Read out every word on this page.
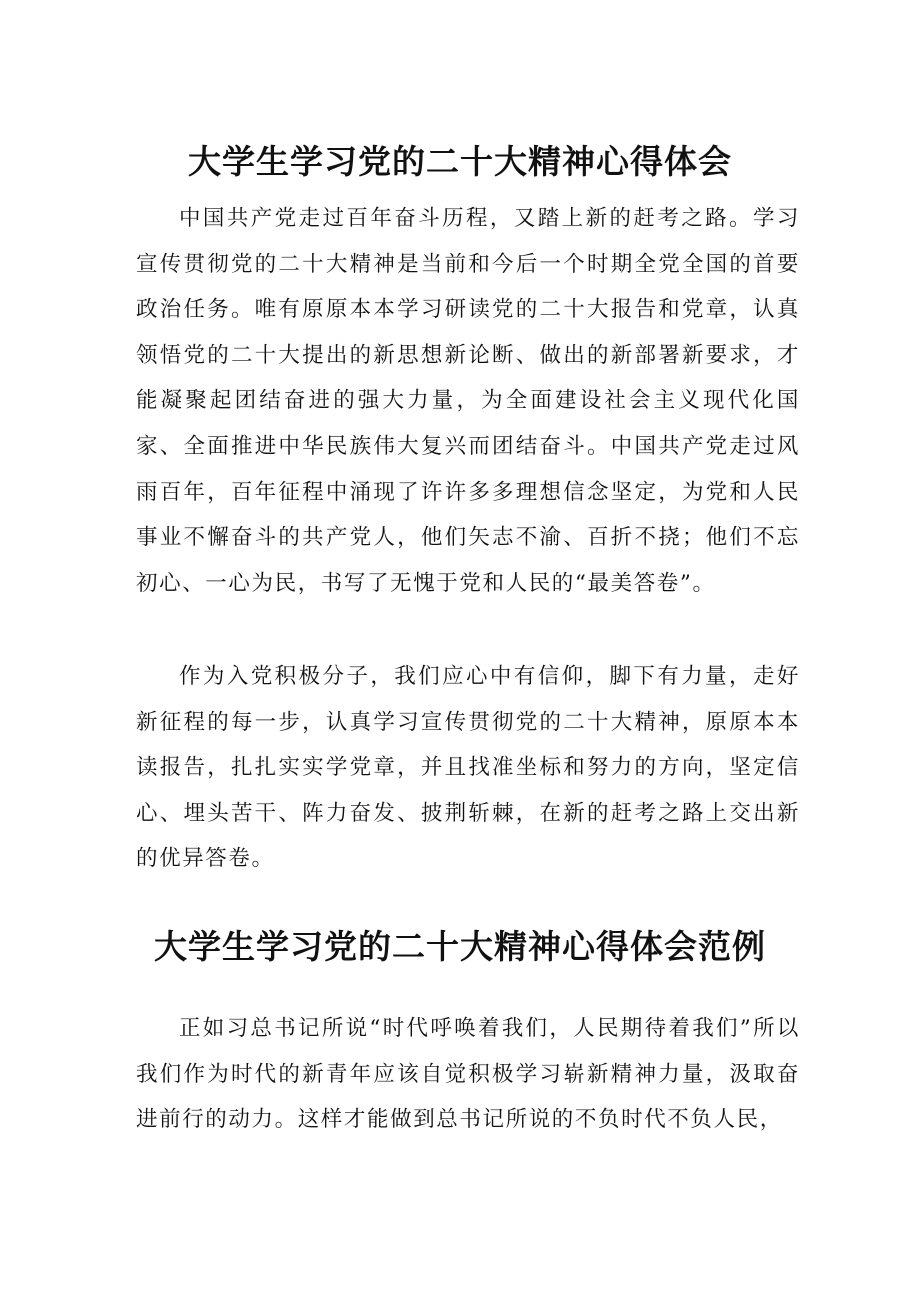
大学生学习党的二十大精神心得体会

中国共产党走过百年奋斗历程，又踏上新的赶考之路。学习宣传贯彻党的二十大精神是当前和今后一个时期全党全国的首要政治任务。唯有原原本本学习研读党的二十大报告和党章，认真领悟党的二十大提出的新思想新论断、做出的新部署新要求，才能凝聚起团结奋进的强大力量，为全面建设社会主义现代化国家、全面推进中华民族伟大复兴而团结奋斗。中国共产党走过风雨百年，百年征程中涌现了许许多多理想信念坚定，为党和人民事业不懈奋斗的共产党人，他们矢志不渝、百折不挠；他们不忘初心、一心为民，书写了无愧于党和人民的“最美答卷”。

作为入党积极分子，我们应心中有信仰，脚下有力量，走好新征程的每一步，认真学习宣传贯彻党的二十大精神，原原本本读报告，扎扎实实学党章，并且找准坐标和努力的方向，坚定信心、埋头苦干、阵力奋发、披荆斩棘，在新的赶考之路上交出新的优异答卷。

大学生学习党的二十大精神心得体会范例

正如习总书记所说“时代呼唤着我们，人民期待着我们”所以我们作为时代的新青年应该自觉积极学习崭新精神力量，汲取奋进前行的动力。这样才能做到总书记所说的不负时代不负人民，
